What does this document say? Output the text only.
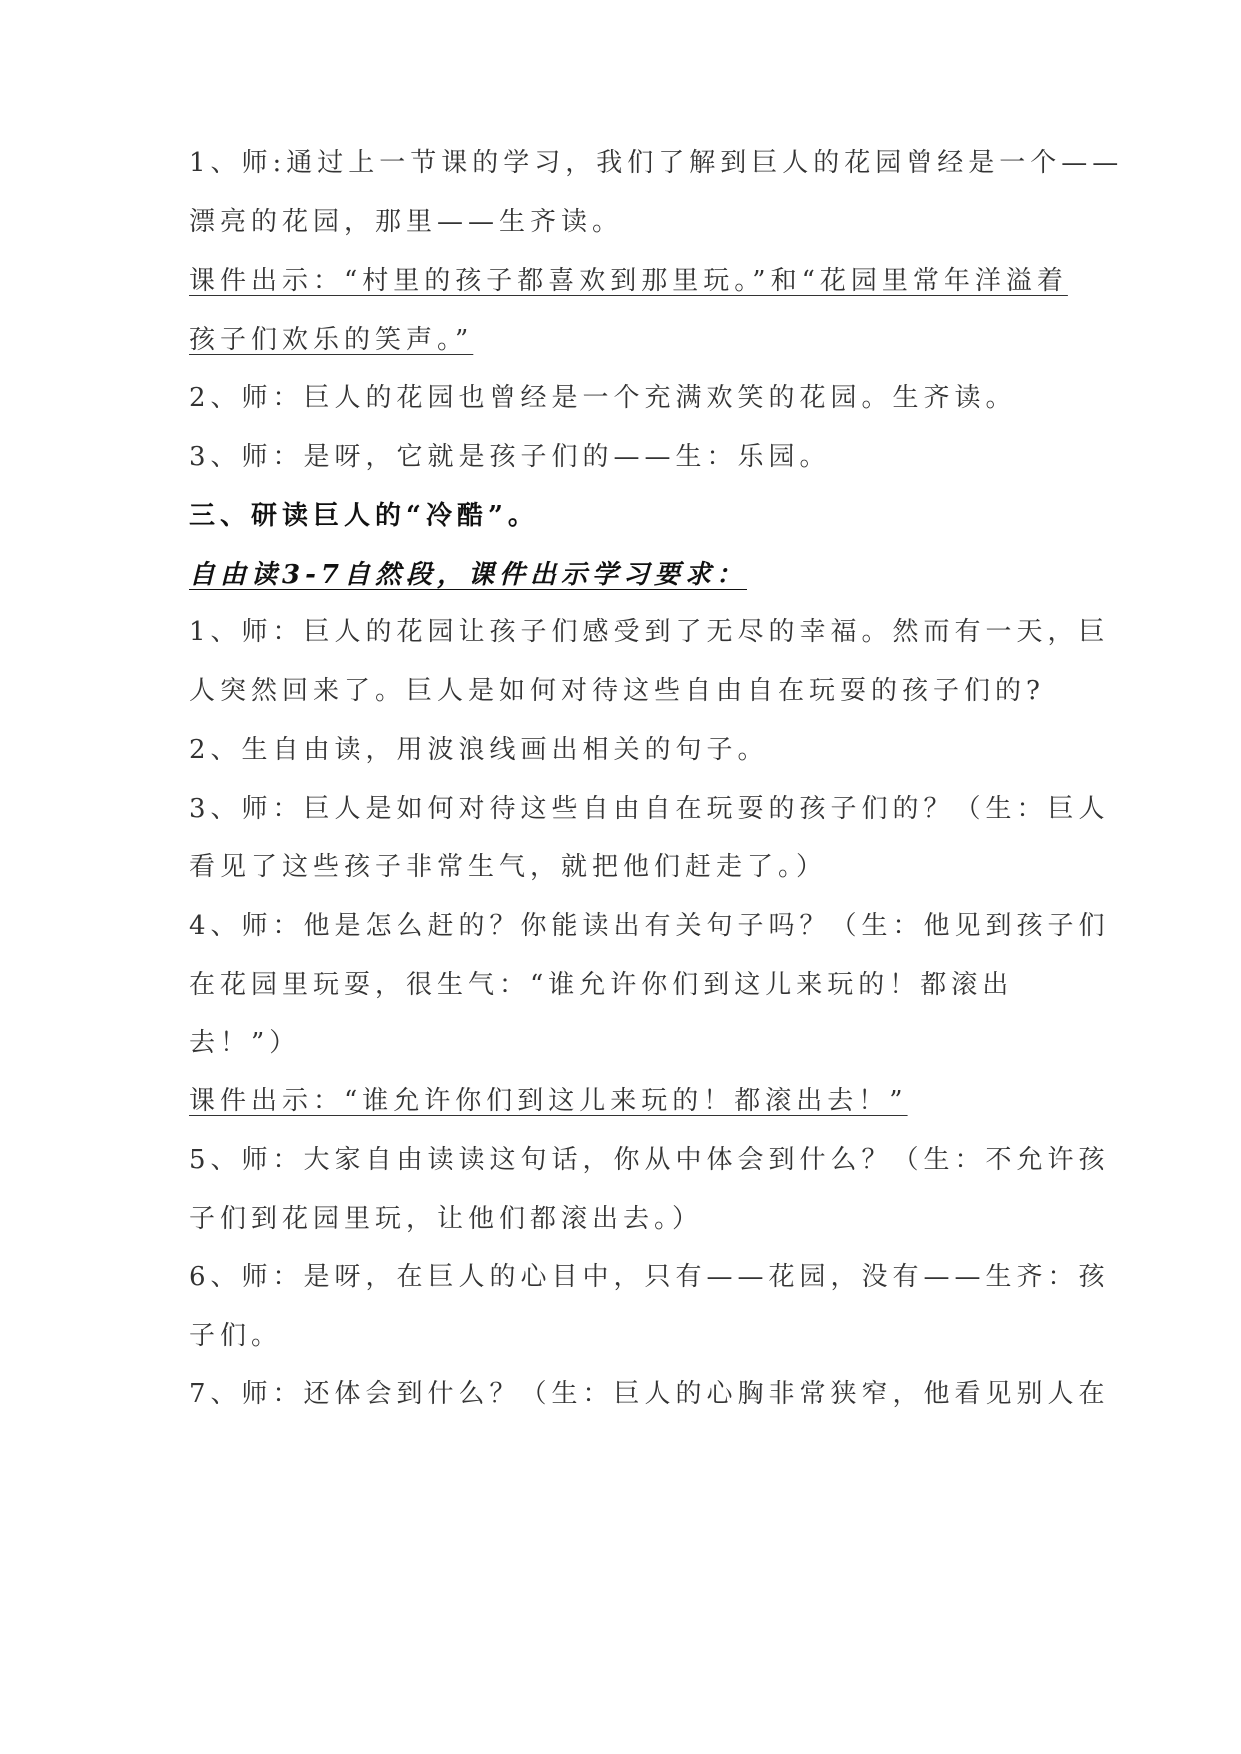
1、师:通过上一节课的学习，我们了解到巨人的花园曾经是一个——
漂亮的花园，那里——生齐读。
课件出示：“村里的孩子都喜欢到那里玩。”和“花园里常年洋溢着
孩子们欢乐的笑声。”
2、师：巨人的花园也曾经是一个充满欢笑的花园。生齐读。
3、师：是呀，它就是孩子们的——生：乐园。
三、研读巨人的“冷酷”。
自由读3-7自然段，课件出示学习要求：
1、师：巨人的花园让孩子们感受到了无尽的幸福。然而有一天，巨
人突然回来了。巨人是如何对待这些自由自在玩耍的孩子们的?
2、生自由读，用波浪线画出相关的句子。
3、师：巨人是如何对待这些自由自在玩耍的孩子们的？（生：巨人
看见了这些孩子非常生气，就把他们赶走了。）
4、师：他是怎么赶的？你能读出有关句子吗？（生：他见到孩子们
在花园里玩耍，很生气：“谁允许你们到这儿来玩的！都滚出
去！”）
课件出示：“谁允许你们到这儿来玩的！都滚出去！”
5、师：大家自由读读这句话，你从中体会到什么？（生：不允许孩
子们到花园里玩，让他们都滚出去。）
6、师：是呀，在巨人的心目中，只有——花园，没有——生齐：孩
子们。
7、师：还体会到什么？（生：巨人的心胸非常狭窄，他看见别人在
